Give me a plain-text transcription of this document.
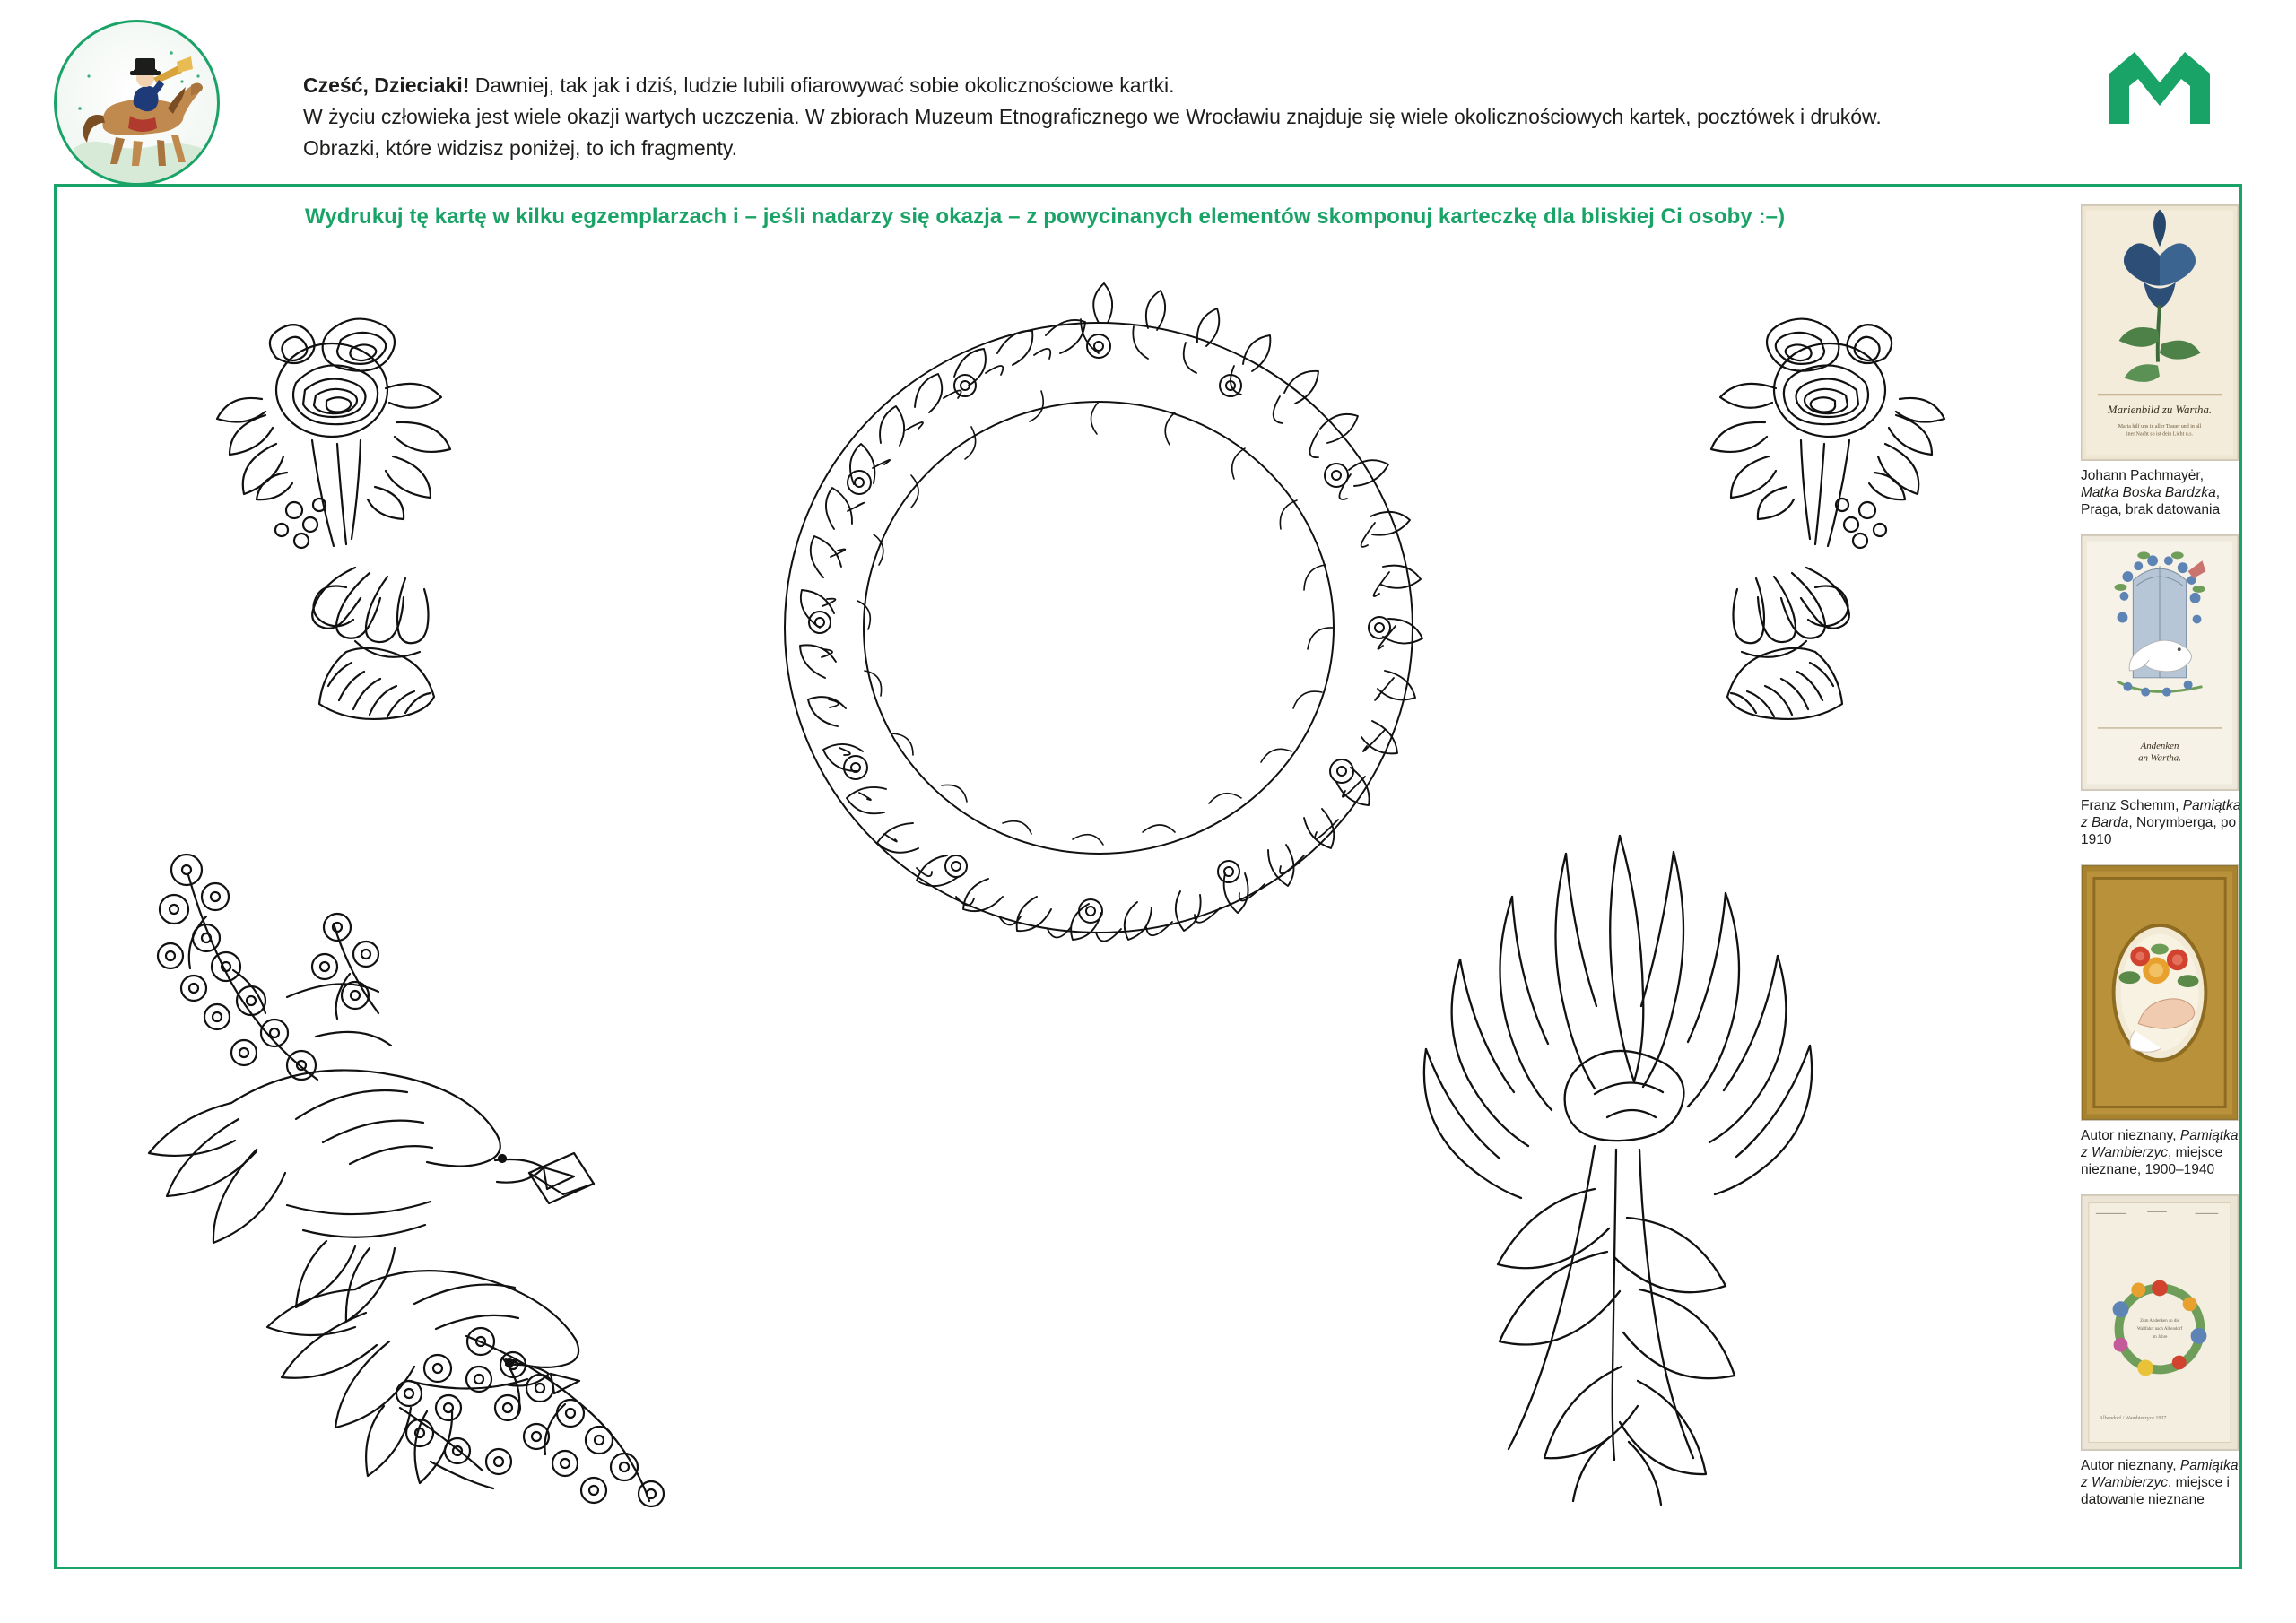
Cześć, Dzieciaki! Dawniej, tak jak i dziś, ludzie lubili ofiarowywać sobie okolicznościowe kartki.
W życiu człowieka jest wiele okazji wartych uczczenia. W zbiorach Muzeum Etnograficznego we Wrocławiu znajduje się wiele okolicznościowych kartek, pocztówek i druków.
Obrazki, które widzisz poniżej, to ich fragmenty.
Wydrukuj tę kartę w kilku egzemplarzach i – jeśli nadarzy się okazja – z powycinanych elementów skomponuj karteczkę dla bliskiej Ci osoby :–)
Marienbild zu Wartha.
Maria hilf uns in aller Trauer und in all
iner Nacht so ist dein Licht u.s.
Johann Pachmayėr, Matka Boska Bardzka, Praga, brak datowania
Andenken
an Wartha.
Franz Schemm, Pamiątka z Barda, Norymberga, po 1910
Autor nieznany, Pamiątka z Wambierzyc, miejsce nieznane, 1900–1940
Zum Andenken an die
Wallfahrt nach Albendorf
im Jahre
Albendorf / Wambierzyce 1937
Autor nieznany, Pamiątka z Wambierzyc, miejsce i datowanie nieznane
